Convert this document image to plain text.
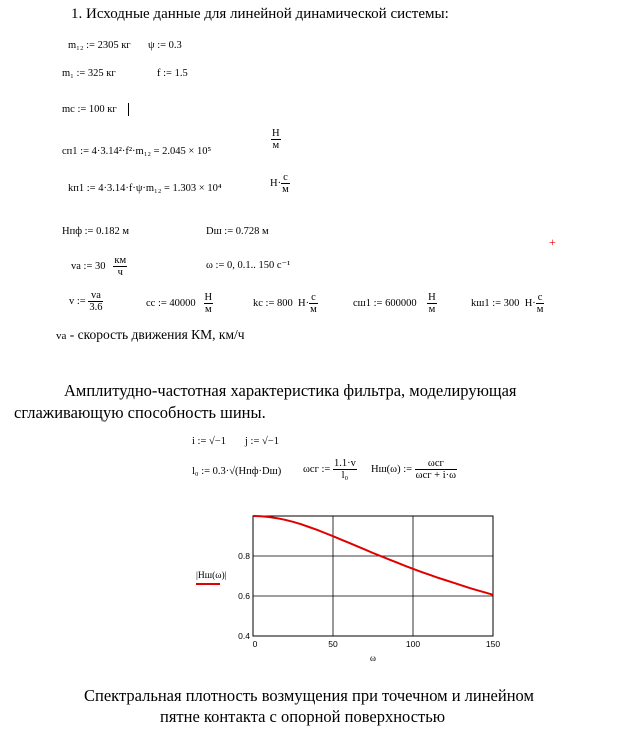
1. Исходные данные для линейной динамической системы:
m₁₂ := 2305 кг ψ := 0.3
m₁ := 325 кг	f := 1.5
mс := 100 кг
cп1 := 4·3.14²·f²·m₁₂ = 2.045 × 10⁵
$\frac{Н}{м}$
kп1 := 4·3.14·f·ψ·m₁₂ = 1.303 × 10⁴	$Н\cdot \frac{с}{м}$
Hпф := 0.182 м	Dш := 0.728 м
+
vа := $30 \frac{км}{ч}$	ω := 0, 0.1.. 150 с⁻¹
v := $\frac{vа}{3.6}$	cс := $40000 \frac{Н}{м}$	kс := 800 $Н\cdot \frac{с}{м}$	cш1 := $600000 \frac{Н}{м}$	kш1 := 300 $Н\cdot \frac{с}{м}$
vа - скорость движения КМ, км/ч
Амплитудно-частотная характеристика фильтра, моделирующая сглаживающую способность шины.
i := √−1 j := √−1
l₀ := 0.3·√(Hпф·Dш) ωсг := $\frac{1.1\cdot v}{\text{l₀}} Hш(\omega)$ := $\frac{\text{ωсг}}{\text{ωсг + i·ω}}$
0	50	100	150
0.4
0.6
0.8
ω
|Hш(ω)|
Спектральная плотность возмущения при точечном и линейном
пятне контакта с опорной поверхностью
